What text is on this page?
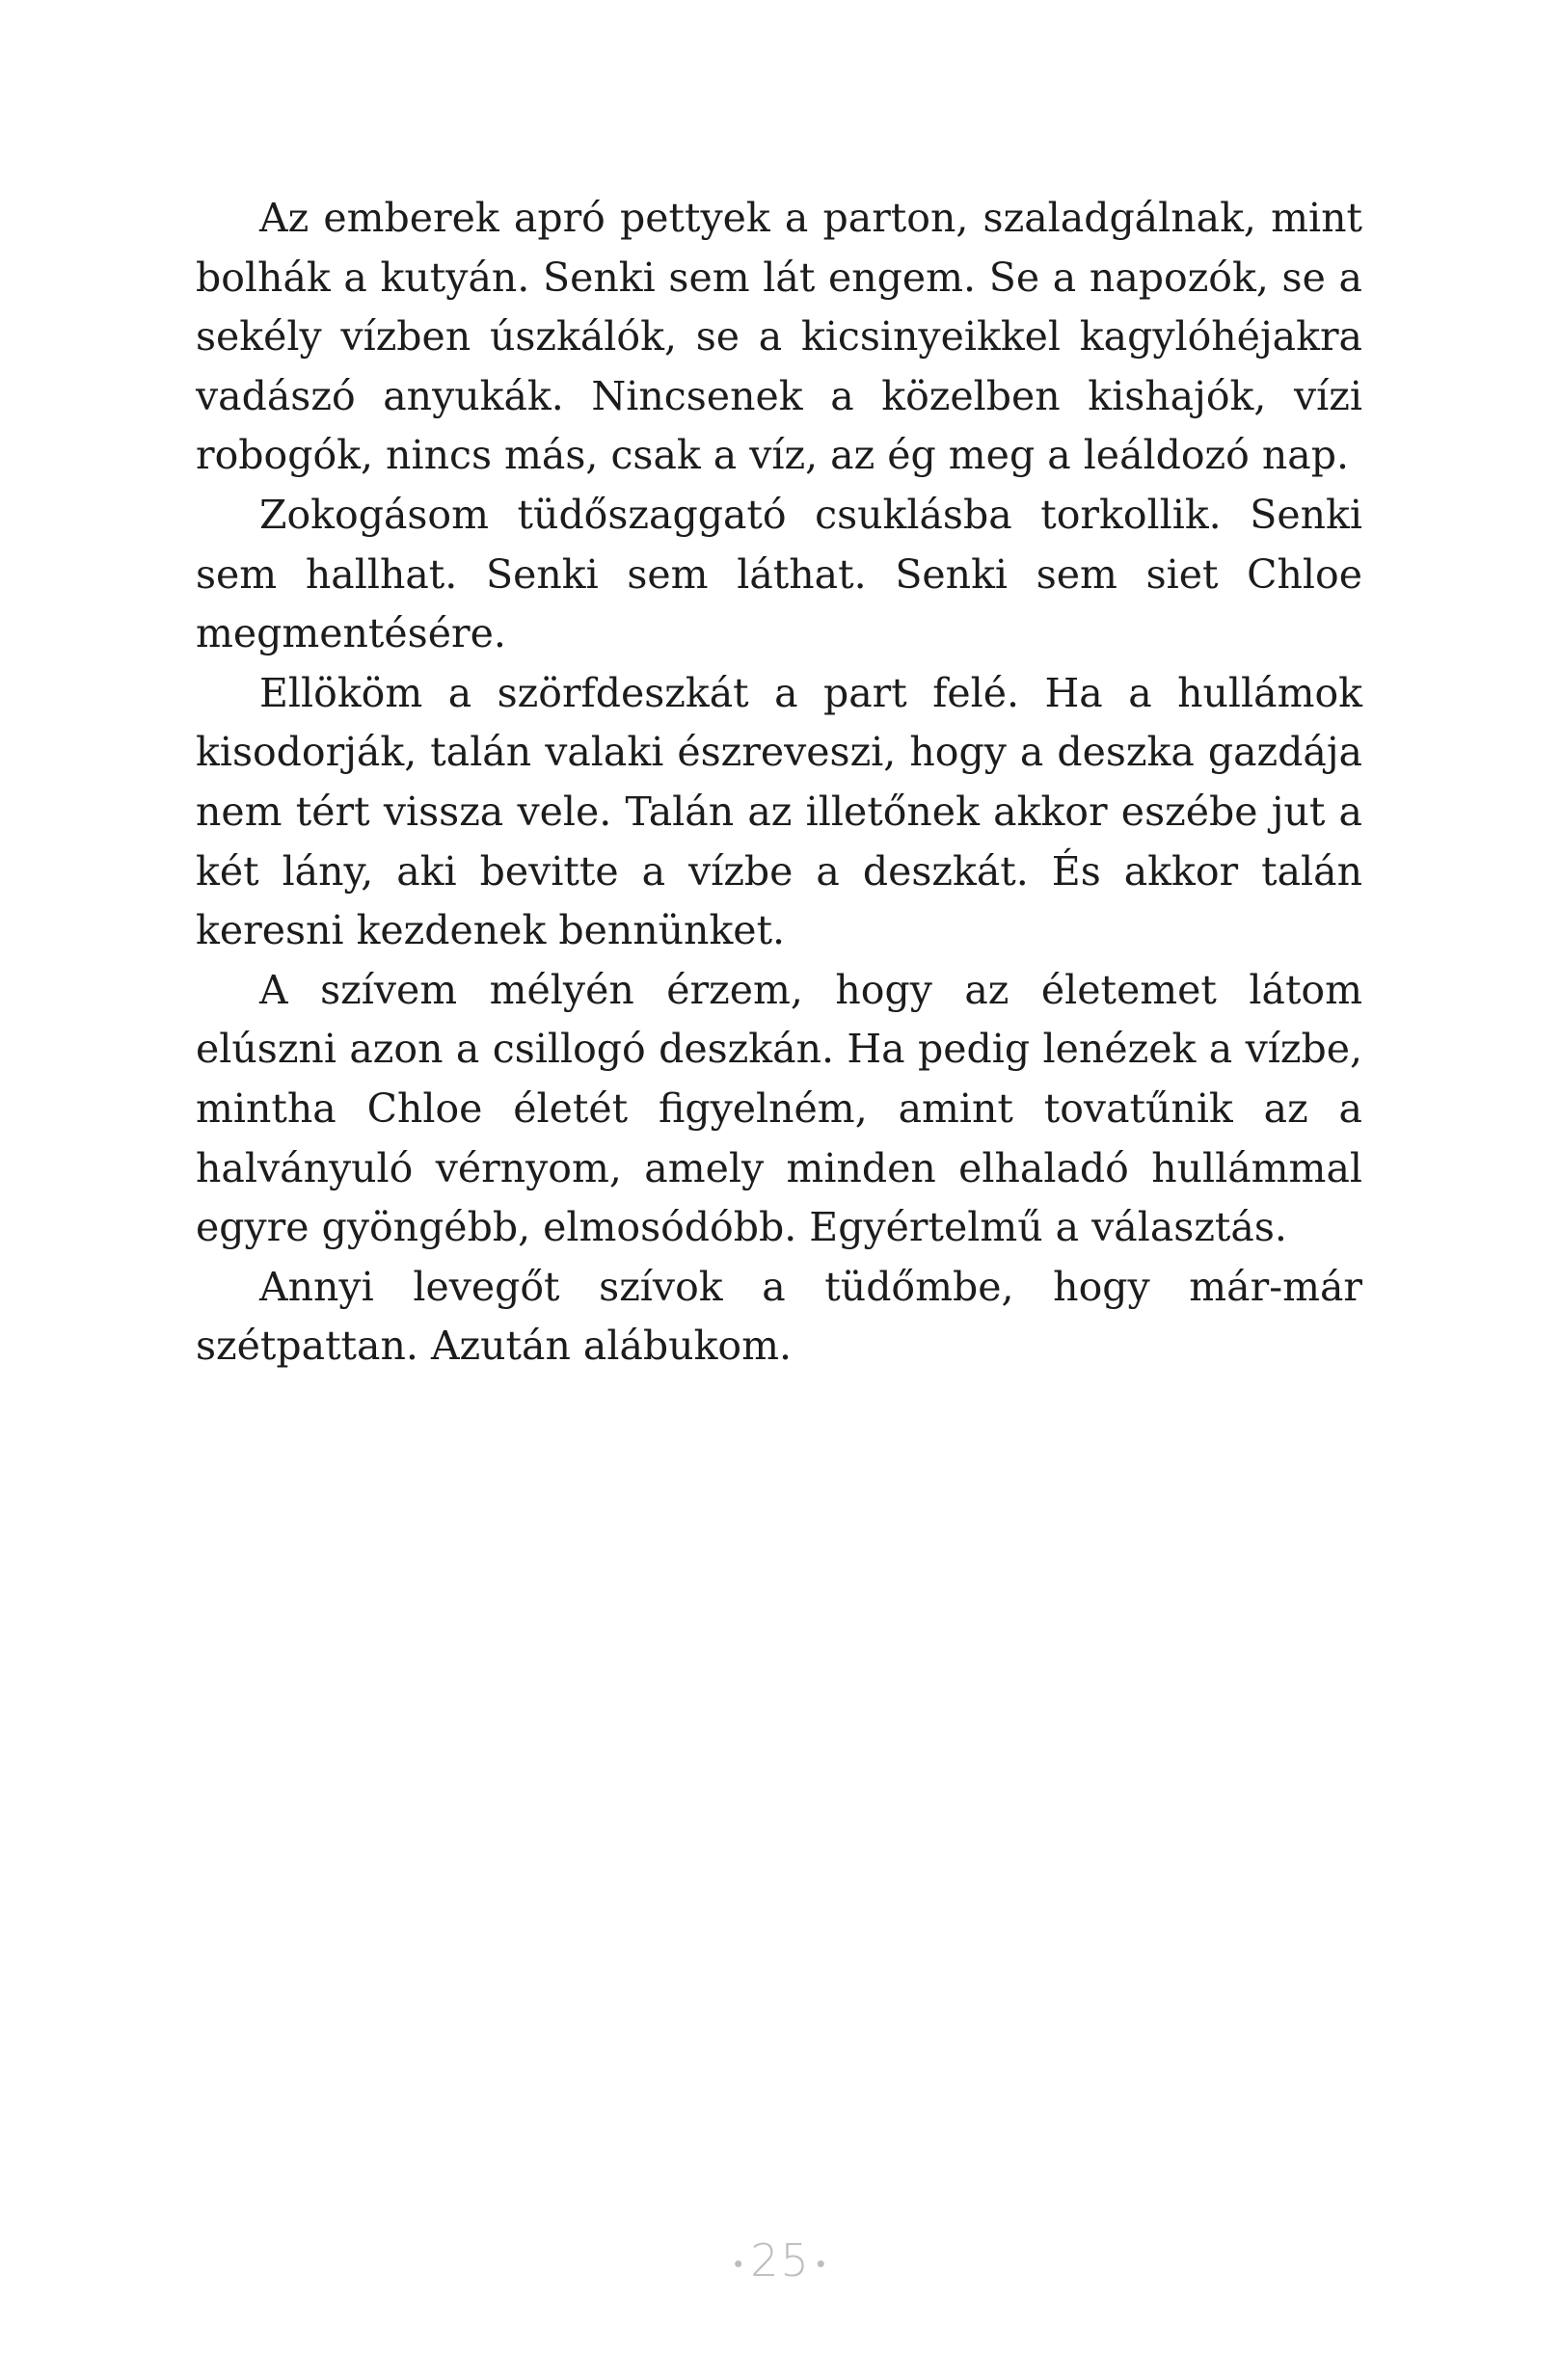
Az emberek apró pettyek a parton, szaladgálnak, mint bolhák a kutyán. Senki sem lát engem. Se a napozók, se a sekély vízben úszkálók, se a kicsinyeikkel kagylóhéjakra vadászó anyukák. Nincsenek a közelben kishajók, vízi robogók, nincs más, csak a víz, az ég meg a leáldozó nap.

Zokogásom tüdőszaggató csuklásba torkollik. Senki sem hallhat. Senki sem láthat. Senki sem siet Chloe megmentésére.

Ellököm a szörfdeszkát a part felé. Ha a hullámok kisodorják, talán valaki észreveszi, hogy a deszka gazdája nem tért vissza vele. Talán az illetőnek akkor eszébe jut a két lány, aki bevitte a vízbe a deszkát. És akkor talán keresni kezdenek bennünket.

A szívem mélyén érzem, hogy az életemet látom elúszni azon a csillogó deszkán. Ha pedig lenézek a vízbe, mintha Chloe életét figyelném, amint tovatűnik az a halványuló vérnyom, amely minden elhaladó hullámmal egyre gyöngébb, elmosódóbb. Egyértelmű a választás.

Annyi levegőt szívok a tüdőmbe, hogy már-már szétpattan. Azután alábukom.

• 25 •
